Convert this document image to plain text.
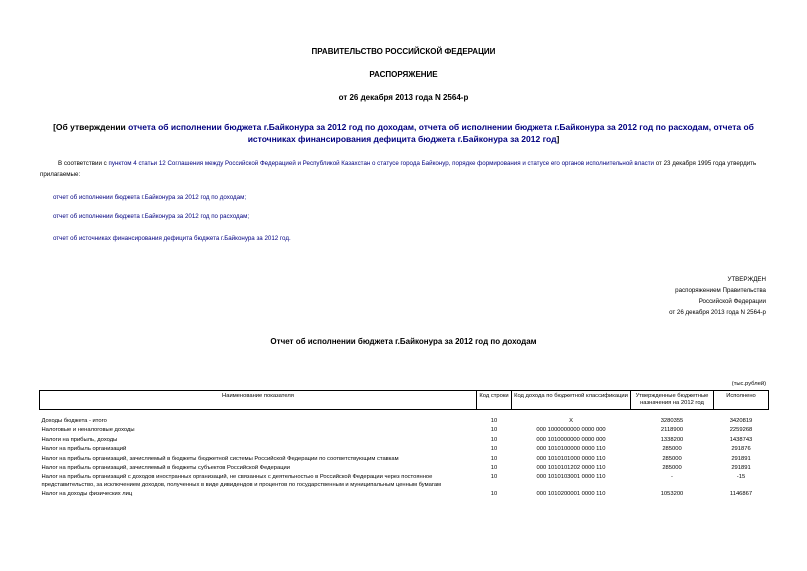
ПРАВИТЕЛЬСТВО РОССИЙСКОЙ ФЕДЕРАЦИИ
РАСПОРЯЖЕНИЕ
от 26 декабря 2013 года N 2564-р
[Об утверждении отчета об исполнении бюджета г.Байконура за 2012 год по доходам, отчета об исполнении бюджета г.Байконура за 2012 год по расходам, отчета об источниках финансирования дефицита бюджета г.Байконура за 2012 год]
В соответствии с пунктом 4 статьи 12 Соглашения между Российской Федерацией и Республикой Казахстан о статусе города Байконур, порядке формирования и статусе его органов исполнительной власти от 23 декабря 1995 года утвердить прилагаемые:
отчет об исполнении бюджета г.Байконура за 2012 год по доходам;
отчет об исполнении бюджета г.Байконура за 2012 год по расходам;
отчет об источниках финансирования дефицита бюджета г.Байконура за 2012 год.
УТВЕРЖДЕН
распоряжением Правительства
Российской Федерации
от 26 декабря 2013 года N 2564-р
Отчет об исполнении бюджета г.Байконура за 2012 год по доходам
(тыс.рублей)
Наименование показателя	Код строки	Код дохода по бюджетной классификации	Утвержденные бюджетные назначения на 2012 год	Исполнено

Доходы бюджета - итого	10	X	3280355	3420819
Налоговые и неналоговые доходы	10	000 1000000000 0000 000	2118900	2259268
Налоги на прибыль, доходы	10	000 1010000000 0000 000	1338200	1438743
Налог на прибыль организаций	10	000 1010100000 0000 110	285000	291876
Налог на прибыль организаций, зачисляемый в бюджеты бюджетной системы Российской Федерации по соответствующим ставкам	10	000 1010101000 0000 110	285000	291891
Налог на прибыль организаций, зачисляемый в бюджеты субъектов Российской Федерации	10	000 1010101202 0000 110	285000	291891
Налог на прибыль организаций с доходов иностранных организаций, не связанных с деятельностью в Российской Федерации через постоянное представительство, за исключением доходов, полученных в виде дивидендов и процентов по государственным и муниципальным ценным бумагам	10	000 1010103001 0000 110	-	-15
Налог на доходы физических лиц	10	000 1010200001 0000 110	1053200	1146867
